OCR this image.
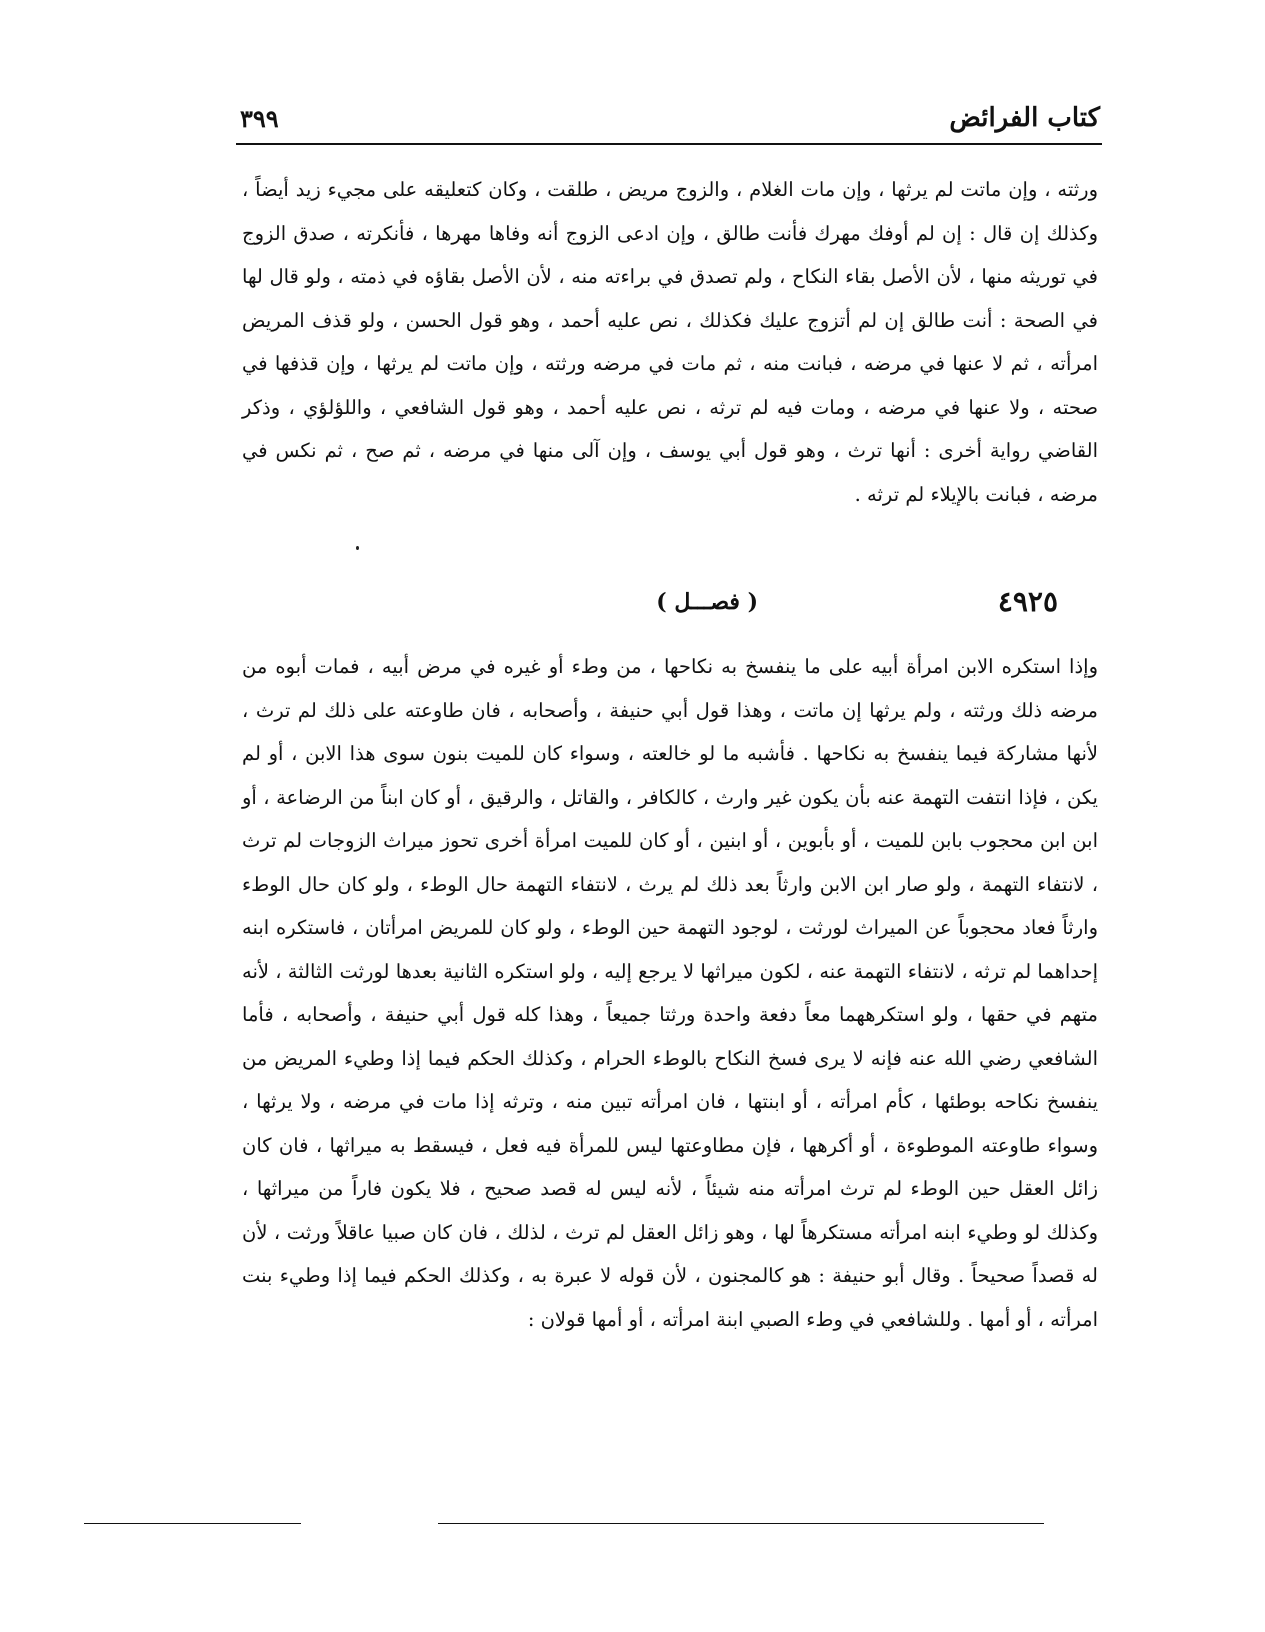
كتاب الفرائض
٣٩٩

ورثته ، وإن ماتت لم يرثها ، وإن مات الغلام ، والزوج مريض ، طلقت ، وكان كتعليقه على مجيء زيد أيضاً ، وكذلك إن قال : إن لم أوفك مهرك فأنت طالق ، وإن ادعى الزوج أنه وفاها مهرها ، فأنكرته ، صدق الزوج في توريثه منها ، لأن الأصل بقاء النكاح ، ولم تصدق في براءته منه ، لأن الأصل بقاؤه في ذمته ، ولو قال لها في الصحة : أنت طالق إن لم أتزوج عليك فكذلك ، نص عليه أحمد ، وهو قول الحسن ، ولو قذف المريض امرأته ، ثم لا عنها في مرضه ، فبانت منه ، ثم مات في مرضه ورثته ، وإن ماتت لم يرثها ، وإن قذفها في صحته ، ولا عنها في مرضه ، ومات فيه لم ترثه ، نص عليه أحمد ، وهو قول الشافعي ، واللؤلؤي ، وذكر القاضي رواية أخرى : أنها ترث ، وهو قول أبي يوسف ، وإن آلى منها في مرضه ، ثم صح ، ثم نكس في مرضه ، فبانت بالإيلاء لم ترثه .

٤٩٢٥
( فصـــل )

وإذا استكره الابن امرأة أبيه على ما ينفسخ به نكاحها ، من وطء أو غيره في مرض أبيه ، فمات أبوه من مرضه ذلك ورثته ، ولم يرثها إن ماتت ، وهذا قول أبي حنيفة ، وأصحابه ، فان طاوعته على ذلك لم ترث ، لأنها مشاركة فيما ينفسخ به نكاحها . فأشبه ما لو خالعته ، وسواء كان للميت بنون سوى هذا الابن ، أو لم يكن ، فإذا انتفت التهمة عنه بأن يكون غير وارث ، كالكافر ، والقاتل ، والرقيق ، أو كان ابناً من الرضاعة ، أو ابن ابن محجوب بابن للميت ، أو بأبوين ، أو ابنين ، أو كان للميت امرأة أخرى تحوز ميراث الزوجات لم ترث ، لانتفاء التهمة ، ولو صار ابن الابن وارثاً بعد ذلك لم يرث ، لانتفاء التهمة حال الوطء ، ولو كان حال الوطء وارثاً فعاد محجوباً عن الميراث لورثت ، لوجود التهمة حين الوطء ، ولو كان للمريض امرأتان ، فاستكره ابنه إحداهما لم ترثه ، لانتفاء التهمة عنه ، لكون ميراثها لا يرجع إليه ، ولو استكره الثانية بعدها لورثت الثالثة ، لأنه متهم في حقها ، ولو استكرههما معاً دفعة واحدة ورثتا جميعاً ، وهذا كله قول أبي حنيفة ، وأصحابه ، فأما الشافعي رضي الله عنه فإنه لا يرى فسخ النكاح بالوطء الحرام ، وكذلك الحكم فيما إذا وطيء المريض من ينفسخ نكاحه بوطئها ، كأم امرأته ، أو ابنتها ، فان امرأته تبين منه ، وترثه إذا مات في مرضه ، ولا يرثها ، وسواء طاوعته الموطوءة ، أو أكرهها ، فإن مطاوعتها ليس للمرأة فيه فعل ، فيسقط به ميراثها ، فان كان زائل العقل حين الوطء لم ترث امرأته منه شيئاً ، لأنه ليس له قصد صحيح ، فلا يكون فاراً من ميراثها ، وكذلك لو وطيء ابنه امرأته مستكرهاً لها ، وهو زائل العقل لم ترث ، لذلك ، فان كان صبيا عاقلاً ورثت ، لأن له قصداً صحيحاً . وقال أبو حنيفة : هو كالمجنون ، لأن قوله لا عبرة به ، وكذلك الحكم فيما إذا وطيء بنت امرأته ، أو أمها . وللشافعي في وطء الصبي ابنة امرأته ، أو أمها قولان :
